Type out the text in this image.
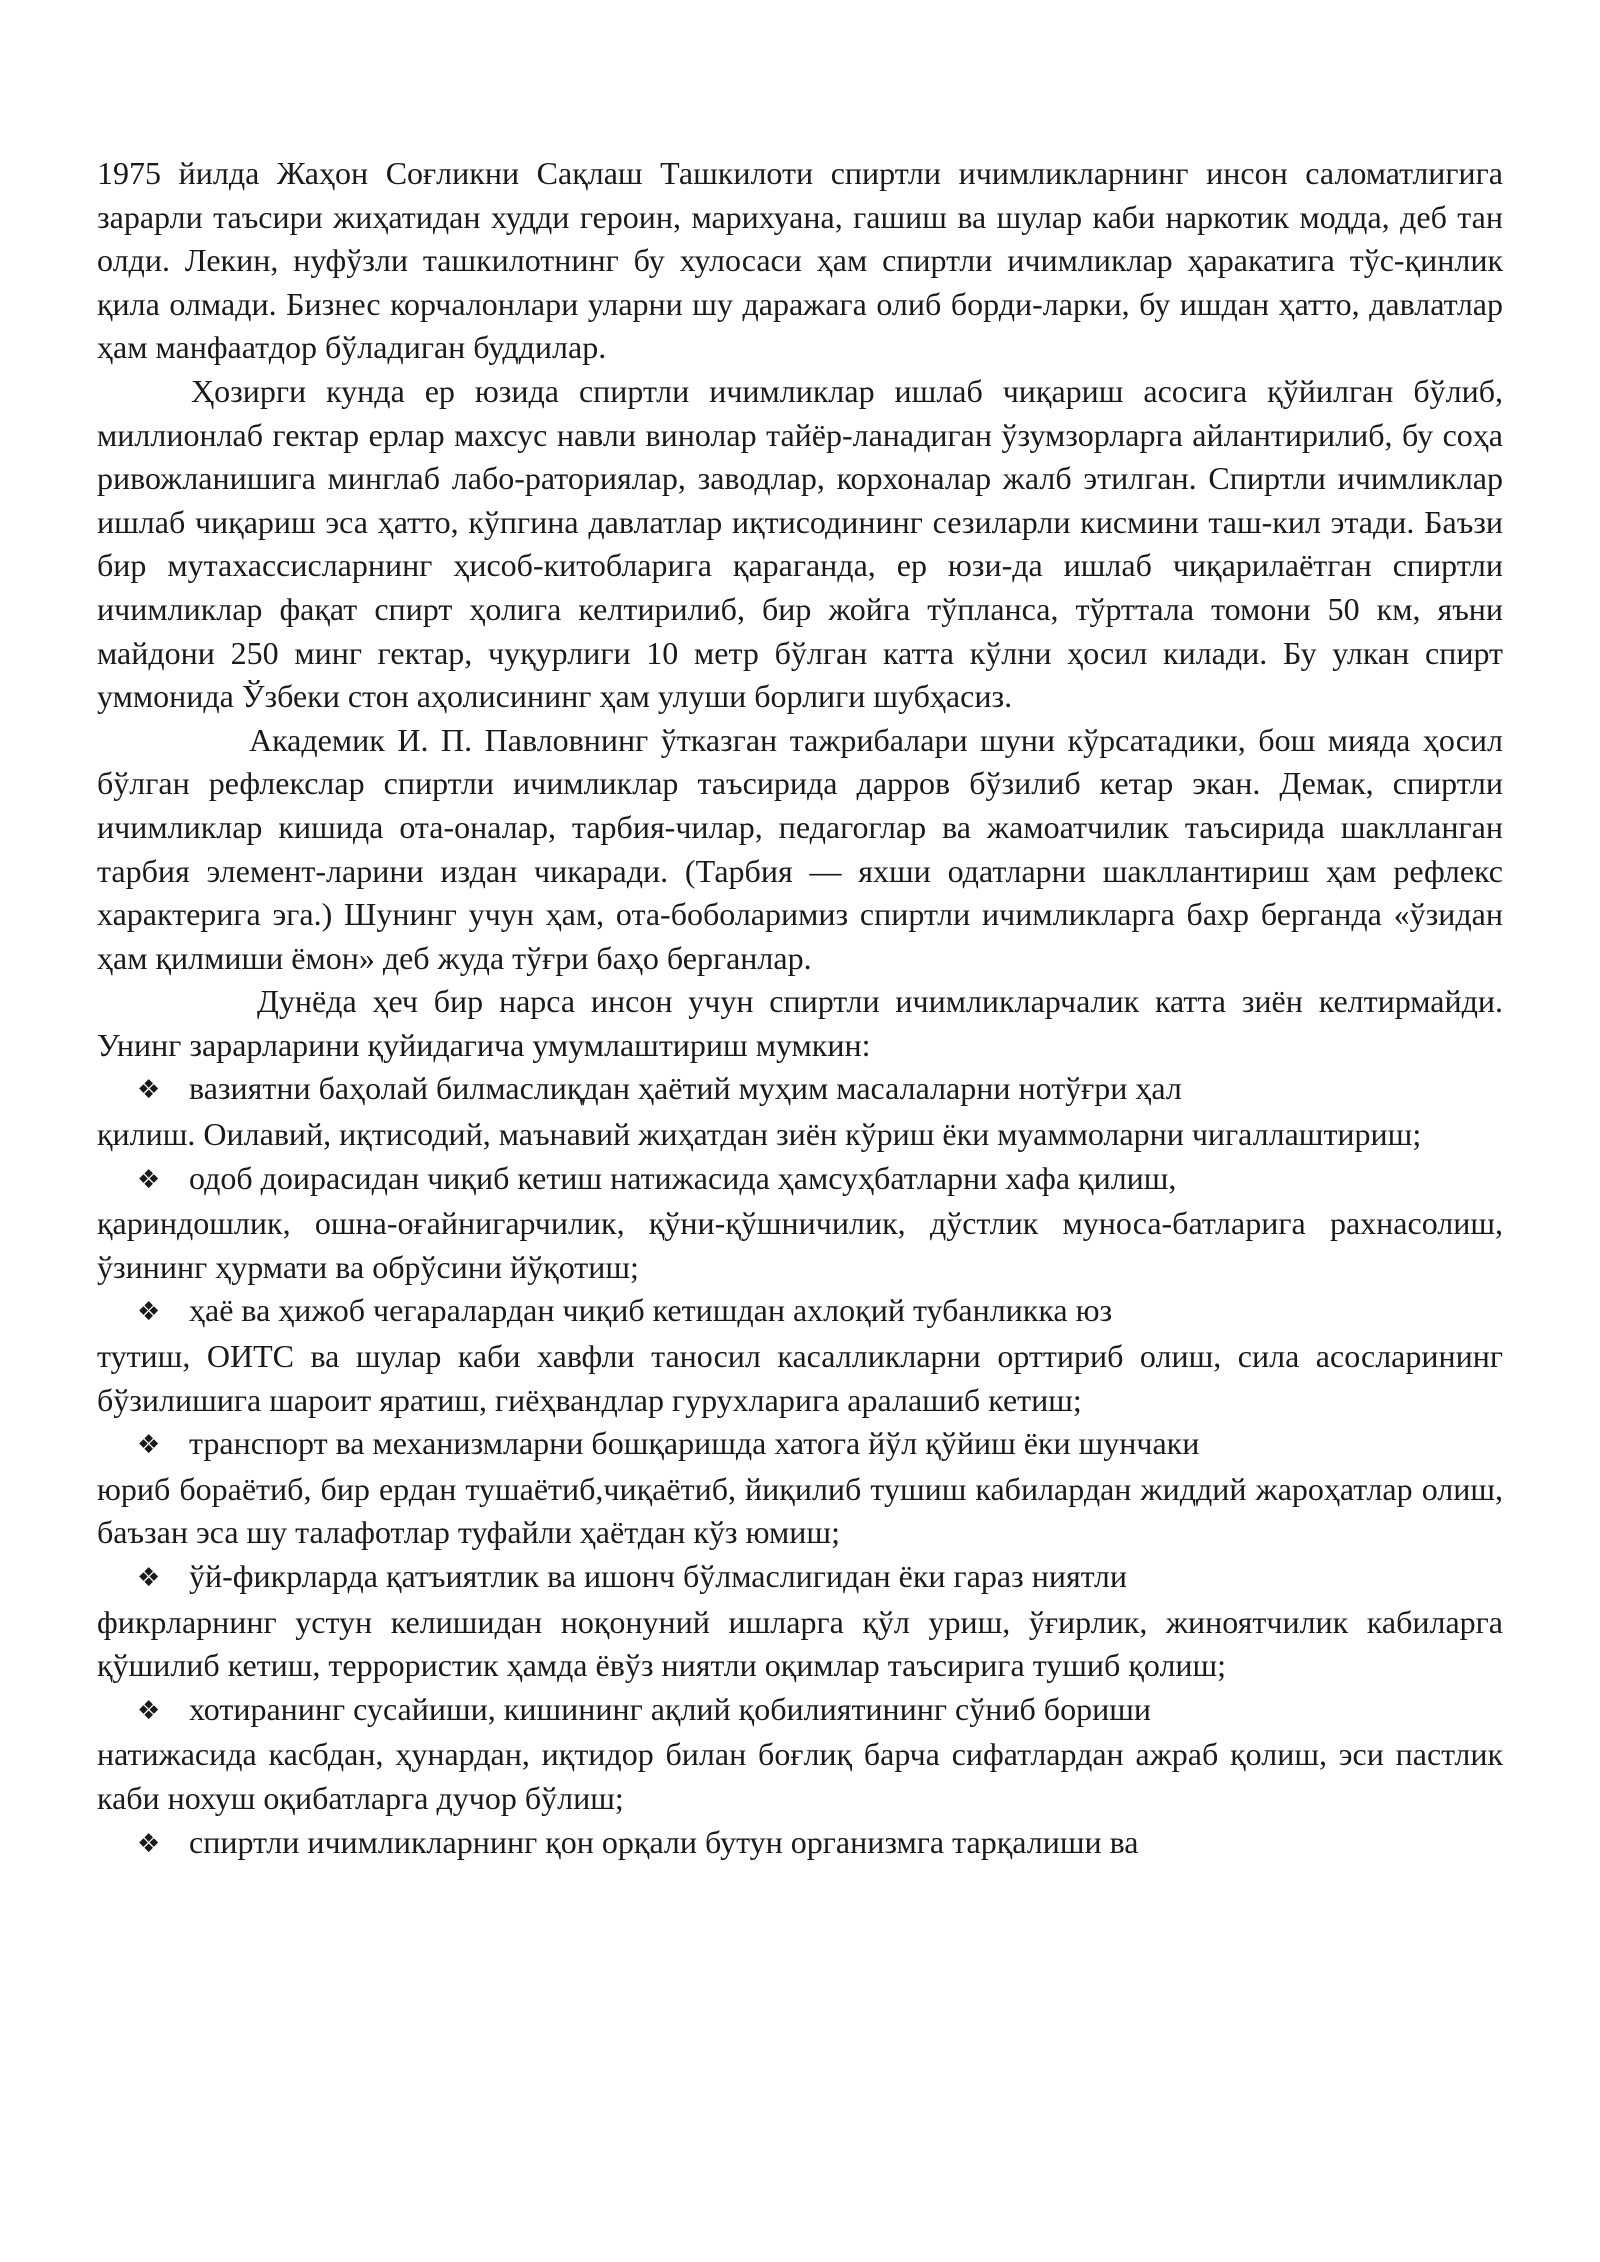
1975 йилда Жаҳон Соғликни Сақлаш Ташкилоти спиртли ичимликларнинг инсон саломатлигига зарарли таъсири жиҳатидан худди героин, марихуана, гашиш ва шулар каби наркотик модда, деб тан олди. Лекин, нуфўзли ташкилотнинг бу хулосаси ҳам спиртли ичимликлар ҳаракатига тўс-қинлик қила олмади. Бизнес корчалонлари уларни шу даражага олиб борди-ларки, бу ишдан ҳатто, давлатлар ҳам манфаатдор бўладиган буддилар.

Ҳозирги кунда ер юзида спиртли ичимликлар ишлаб чиқариш асосига қўйилган бўлиб, миллионлаб гектар ерлар махсус навли винолар тайёр-ланадиган ўзумзорларга айлантирилиб, бу соҳа ривожланишига минглаб лабо-раториялар, заводлар, корхоналар жалб этилган. Спиртли ичимликлар ишлаб чиқариш эса ҳатто, кўпгина давлатлар иқтисодининг сезиларли кисмини таш-кил этади. Баъзи бир мутахассисларнинг ҳисоб-китобларига қараганда, ер юзи-да ишлаб чиқарилаётган спиртли ичимликлар фақат спирт ҳолига келтирилиб, бир жойга тўпланса, тўрттала томони 50 км, яъни майдони 250 минг гектар, чуқурлиги 10 метр бўлган катта кўлни ҳосил килади. Бу улкан спирт уммонида Ўзбеки стон аҳолисининг ҳам улуши борлиги шубҳасиз.

Академик И. П. Павловнинг ўтказган тажрибалари шуни кўрсатадики, бош мияда ҳосил бўлган рефлекслар спиртли ичимликлар таъсирида дарров бўзилиб кетар экан. Демак, спиртли ичимликлар кишида ота-оналар, тарбия-чилар, педагоглар ва жамоатчилик таъсирида шаклланган тарбия элемент-ларини издан чикаради. (Тарбия — яхши одатларни шакллантириш ҳам рефлекс характерига эга.) Шунинг учун ҳам, ота-боболаримиз спиртли ичимликларга бахр берганда «ўзидан ҳам қилмиши ёмон» деб жуда тўғри баҳо берганлар.

Дунёда ҳеч бир нарса инсон учун спиртли ичимликларчалик катта зиён келтирмайди. Унинг зарарларини қуйидагича умумлаштириш мумкин:

❖ вазиятни баҳолай билмаслиқдан ҳаётий муҳим масалаларни нотўғри ҳал
қилиш. Оилавий, иқтисодий, маънавий жиҳатдан зиён кўриш ёки муаммоларни чигаллаштириш;
❖ одоб доирасидан чиқиб кетиш натижасида ҳамсуҳбатларни хафа қилиш,
қариндошлик, ошна-оғайнигарчилик, қўни-қўшничилик, дўстлик муноса-батларига рахнасолиш, ўзининг ҳурмати ва обрўсини йўқотиш;
❖ ҳаё ва ҳижоб чегаралардан чиқиб кетишдан ахлоқий тубанликка юз
тутиш, ОИТС ва шулар каби хавфли таносил касалликларни орттириб олиш, сила асосларининг бўзилишига шароит яратиш, гиёҳвандлар гурухларига аралашиб кетиш;
❖ транспорт ва механизмларни бошқаришда хатога йўл қўйиш ёки шунчаки
юриб бораётиб, бир ердан тушаётиб,чиқаётиб, йиқилиб тушиш кабилардан жиддий жароҳатлар олиш, баъзан эса шу талафотлар туфайли ҳаётдан кўз юмиш;
❖ ўй-фикрларда қатъиятлик ва ишонч бўлмаслигидан ёки гараз ниятли
фикрларнинг устун келишидан ноқонуний ишларга қўл уриш, ўғирлик, жиноятчилик кабиларга қўшилиб кетиш, террористик ҳамда ёвўз ниятли оқимлар таъсирига тушиб қолиш;
❖ хотиранинг сусайиши, кишининг ақлий қобилиятининг сўниб бориши
натижасида касбдан, ҳунардан, иқтидор билан боғлиқ барча сифатлардан ажраб қолиш, эси пастлик каби нохуш оқибатларга дучор бўлиш;
❖ спиртли ичимликларнинг қон орқали бутун организмга тарқалиши ва
